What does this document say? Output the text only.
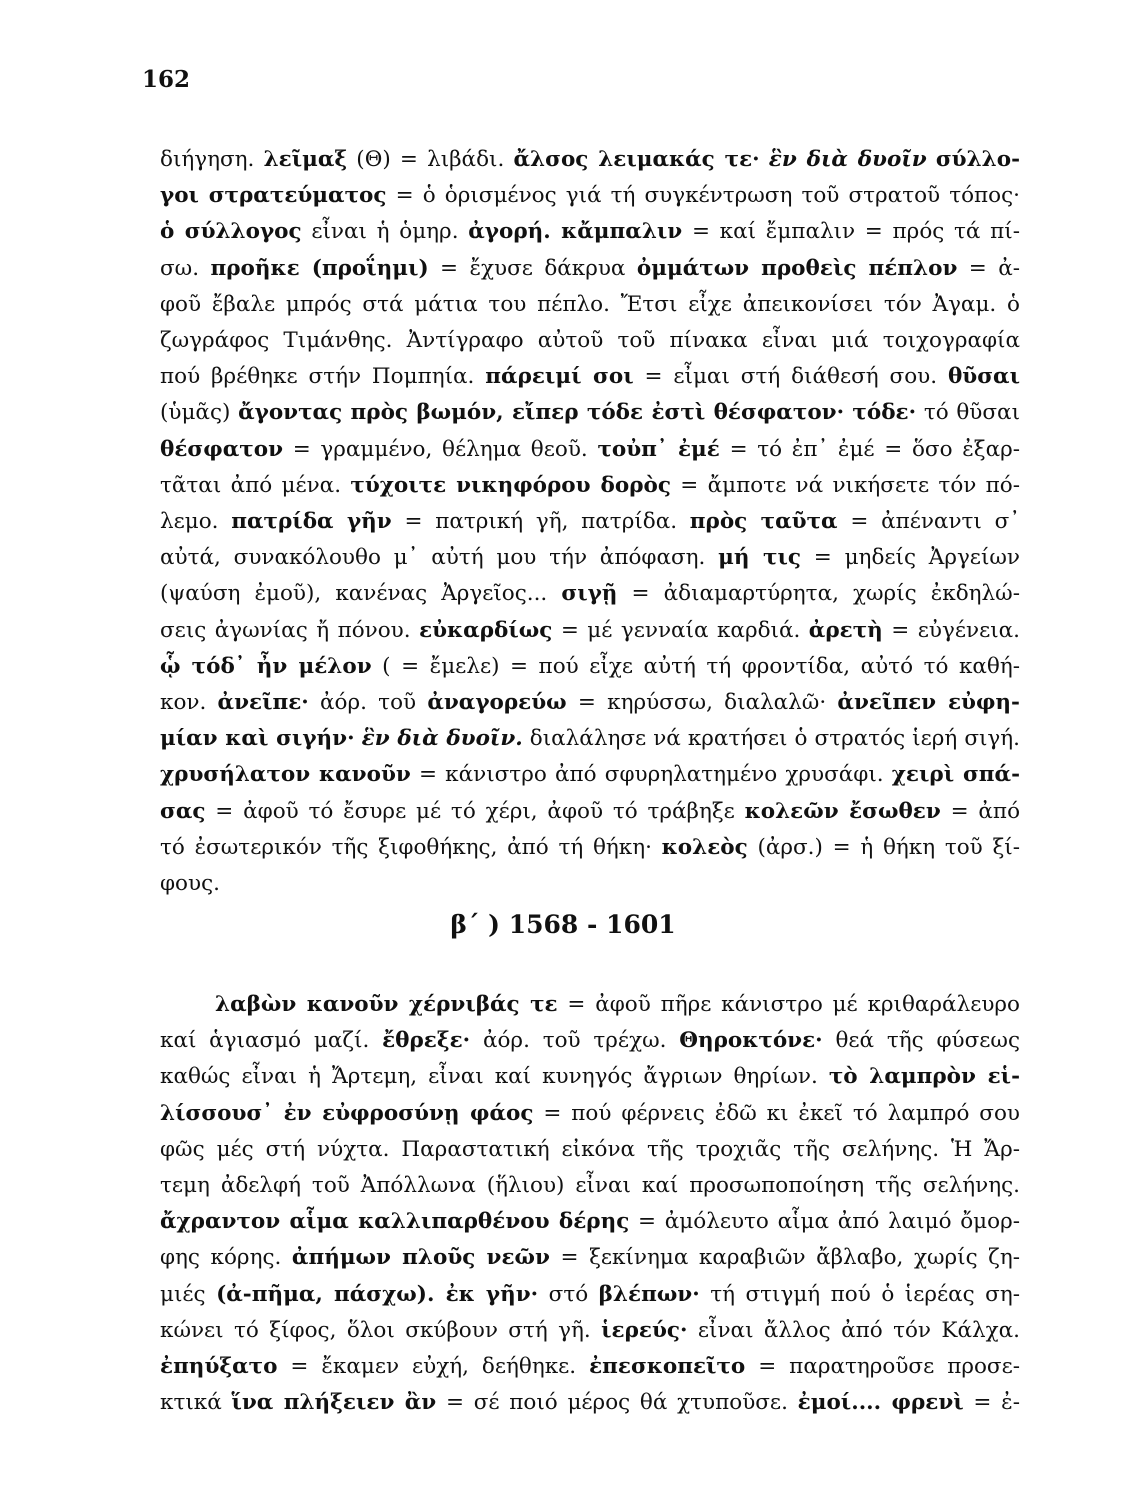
162
διήγηση. λεῖμαξ (Θ) = λιβάδι. ἄλσος λειμακάς τε· ἓν διὰ δυοῖν σύλλο-
γοι στρατεύματος = ὁ ὁρισμένος γιά τή συγκέντρωση τοῦ στρατοῦ τόπος·
ὁ σύλλογος εἶναι ἡ ὁμηρ. ἀγορή. κἄμπαλιν = καί ἔμπαλιν = πρός τά πί-
σω. προῆκε (προΐημι) = ἔχυσε δάκρυα ὀμμάτων προθεὶς πέπλον = ἀ-
φοῦ ἔβαλε μπρός στά μάτια του πέπλο. Ἔτσι εἶχε ἀπεικονίσει τόν Ἀγαμ. ὁ
ζωγράφος Τιμάνθης. Ἀντίγραφο αὐτοῦ τοῦ πίνακα εἶναι μιά τοιχογραφία
πού βρέθηκε στήν Πομπηία. πάρειμί σοι = εἶμαι στή διάθεσή σου. θῦσαι
(ὑμᾶς) ἄγοντας πρὸς βωμόν, εἴπερ τόδε ἐστὶ θέσφατον· τόδε· τό θῦσαι
θέσφατον = γραμμένο, θέλημα θεοῦ. τοὐπ᾽ ἐμέ = τό ἐπ᾽ ἐμέ = ὅσο ἐξαρ-
τᾶται ἀπό μένα. τύχοιτε νικηφόρου δορὸς = ἄμποτε νά νικήσετε τόν πό-
λεμο. πατρίδα γῆν = πατρική γῆ, πατρίδα. πρὸς ταῦτα = ἀπέναντι σ᾽
αὐτά, συνακόλουθο μ᾽ αὐτή μου τήν ἀπόφαση. μή τις = μηδείς Ἀργείων
(ψαύση ἐμοῦ), κανένας Ἀργεῖος... σιγῇ = ἀδιαμαρτύρητα, χωρίς ἐκδηλώ-
σεις ἀγωνίας ἤ πόνου. εὐκαρδίως = μέ γενναία καρδιά. ἀρετὴ = εὐγένεια.
ᾧ τόδ᾽ ἦν μέλον ( = ἔμελε) = πού εἶχε αὐτή τή φροντίδα, αὐτό τό καθή-
κον. ἀνεῖπε· ἀόρ. τοῦ ἀναγορεύω = κηρύσσω, διαλαλῶ· ἀνεῖπεν εὐφη-
μίαν καὶ σιγήν· ἓν διὰ δυοῖν. διαλάλησε νά κρατήσει ὁ στρατός ἱερή σιγή.
χρυσήλατον κανοῦν = κάνιστρο ἀπό σφυρηλατημένο χρυσάφι. χειρὶ σπά-
σας = ἀφοῦ τό ἔσυρε μέ τό χέρι, ἀφοῦ τό τράβηξε κολεῶν ἔσωθεν = ἀπό
τό ἐσωτερικόν τῆς ξιφοθήκης, ἀπό τή θήκη· κολεὸς (ἀρσ.) = ἡ θήκη τοῦ ξί-
φους.
β΄ ) 1568 - 1601
λαβὼν κανοῦν χέρνιβάς τε = ἀφοῦ πῆρε κάνιστρο μέ κριθαράλευρο
καί ἁγιασμό μαζί. ἔθρεξε· ἀόρ. τοῦ τρέχω. Θηροκτόνε· θεά τῆς φύσεως
καθώς εἶναι ἡ Ἄρτεμη, εἶναι καί κυνηγός ἄγριων θηρίων. τὸ λαμπρὸν εἱ-
λίσσουσ᾽ ἐν εὐφροσύνῃ φάος = πού φέρνεις ἐδῶ κι ἐκεῖ τό λαμπρό σου
φῶς μές στή νύχτα. Παραστατική εἰκόνα τῆς τροχιᾶς τῆς σελήνης. Ἡ Ἄρ-
τεμη ἀδελφή τοῦ Ἀπόλλωνα (ἥλιου) εἶναι καί προσωποποίηση τῆς σελήνης.
ἄχραντον αἷμα καλλιπαρθένου δέρης = ἀμόλευτο αἷμα ἀπό λαιμό ὄμορ-
φης κόρης. ἀπήμων πλοῦς νεῶν = ξεκίνημα καραβιῶν ἄβλαβο, χωρίς ζη-
μιές (ἀ-πῆμα, πάσχω). ἐκ γῆν· στό βλέπων· τή στιγμή πού ὁ ἱερέας ση-
κώνει τό ξίφος, ὅλοι σκύβουν στή γῆ. ἱερεύς· εἶναι ἄλλος ἀπό τόν Κάλχα.
ἐπηύξατο = ἔκαμεν εὐχή, δεήθηκε. ἐπεσκοπεῖτο = παρατηροῦσε προσε-
κτικά ἵνα πλήξειεν ἂν = σέ ποιό μέρος θά χτυποῦσε. ἐμοί.... φρενὶ = ἐ-
